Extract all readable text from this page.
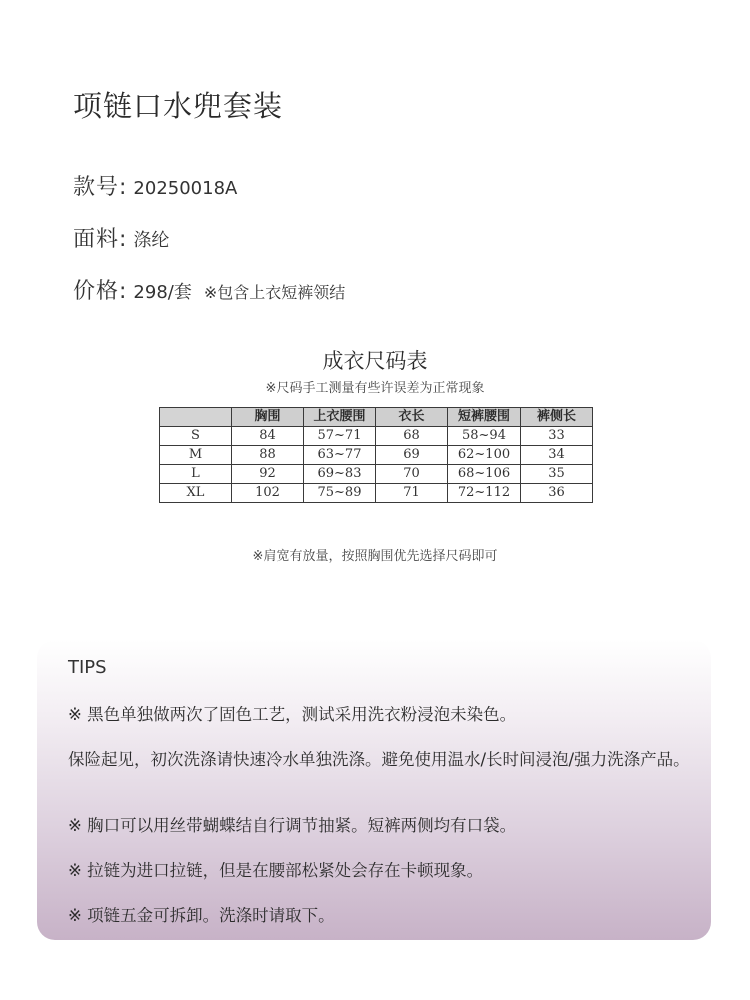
项链口水兜套装
款号: 20250018A
面料: 涤纶
价格: 298/套 ※包含上衣短裤领结
成衣尺码表
※尺码手工测量有些许误差为正常现象
	胸围	上衣腰围	衣长	短裤腰围	裤侧长
S	84	57~71	68	58~94	33
M	88	63~77	69	62~100	34
L	92	69~83	70	68~106	35
XL	102	75~89	71	72~112	36
※肩宽有放量，按照胸围优先选择尺码即可
TIPS
※ 黑色单独做两次了固色工艺，测试采用洗衣粉浸泡未染色。
保险起见，初次洗涤请快速冷水单独洗涤。避免使用温水/长时间浸泡/强力洗涤产品。
※ 胸口可以用丝带蝴蝶结自行调节抽紧。短裤两侧均有口袋。
※ 拉链为进口拉链，但是在腰部松紧处会存在卡顿现象。
※ 项链五金可拆卸。洗涤时请取下。
